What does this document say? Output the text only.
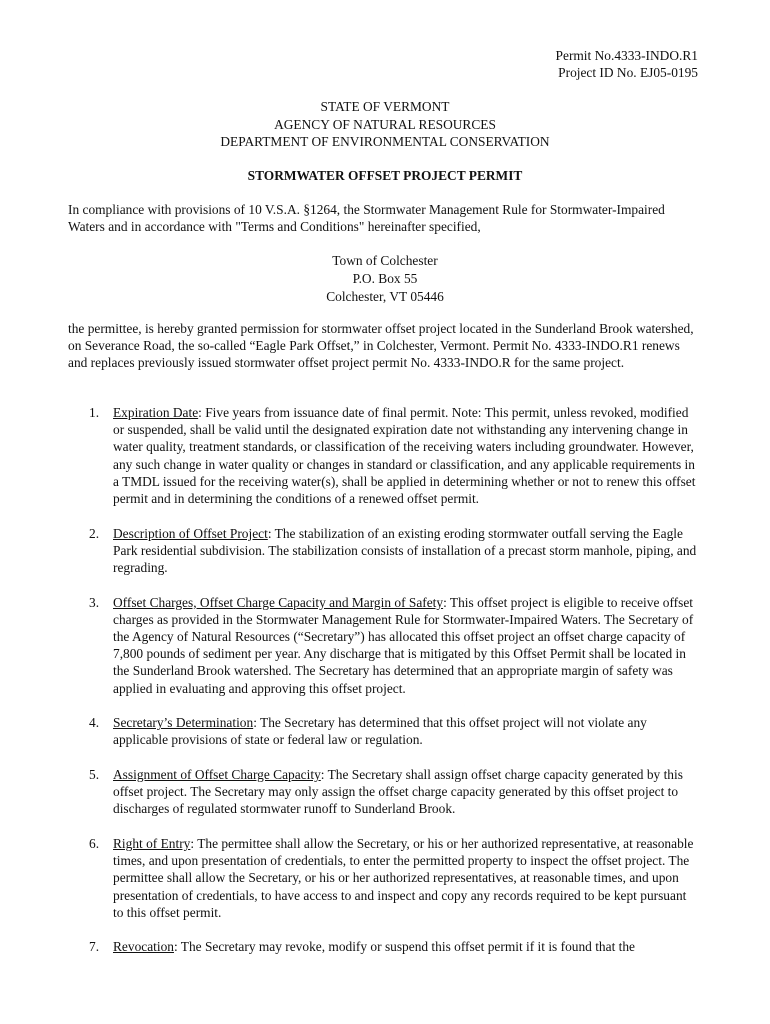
Permit No.4333-INDO.R1
Project ID No. EJ05-0195
STATE OF VERMONT
AGENCY OF NATURAL RESOURCES
DEPARTMENT OF ENVIRONMENTAL CONSERVATION
STORMWATER OFFSET PROJECT PERMIT
In compliance with provisions of 10 V.S.A. §1264, the Stormwater Management Rule for Stormwater-Impaired Waters and in accordance with "Terms and Conditions" hereinafter specified,
Town of Colchester
P.O. Box 55
Colchester, VT 05446
the permittee, is hereby granted permission for stormwater offset project located in the Sunderland Brook watershed, on Severance Road, the so-called “Eagle Park Offset,” in Colchester, Vermont. Permit No. 4333-INDO.R1 renews and replaces previously issued stormwater offset project permit No. 4333-INDO.R for the same project.
1. Expiration Date: Five years from issuance date of final permit. Note: This permit, unless revoked, modified or suspended, shall be valid until the designated expiration date not withstanding any intervening change in water quality, treatment standards, or classification of the receiving waters including groundwater. However, any such change in water quality or changes in standard or classification, and any applicable requirements in a TMDL issued for the receiving water(s), shall be applied in determining whether or not to renew this offset permit and in determining the conditions of a renewed offset permit.
2. Description of Offset Project: The stabilization of an existing eroding stormwater outfall serving the Eagle Park residential subdivision. The stabilization consists of installation of a precast storm manhole, piping, and regrading.
3. Offset Charges, Offset Charge Capacity and Margin of Safety: This offset project is eligible to receive offset charges as provided in the Stormwater Management Rule for Stormwater-Impaired Waters. The Secretary of the Agency of Natural Resources (“Secretary”) has allocated this offset project an offset charge capacity of 7,800 pounds of sediment per year. Any discharge that is mitigated by this Offset Permit shall be located in the Sunderland Brook watershed. The Secretary has determined that an appropriate margin of safety was applied in evaluating and approving this offset project.
4. Secretary’s Determination: The Secretary has determined that this offset project will not violate any applicable provisions of state or federal law or regulation.
5. Assignment of Offset Charge Capacity: The Secretary shall assign offset charge capacity generated by this offset project. The Secretary may only assign the offset charge capacity generated by this offset project to discharges of regulated stormwater runoff to Sunderland Brook.
6. Right of Entry: The permittee shall allow the Secretary, or his or her authorized representative, at reasonable times, and upon presentation of credentials, to enter the permitted property to inspect the offset project. The permittee shall allow the Secretary, or his or her authorized representatives, at reasonable times, and upon presentation of credentials, to have access to and inspect and copy any records required to be kept pursuant to this offset permit.
7. Revocation: The Secretary may revoke, modify or suspend this offset permit if it is found that the
